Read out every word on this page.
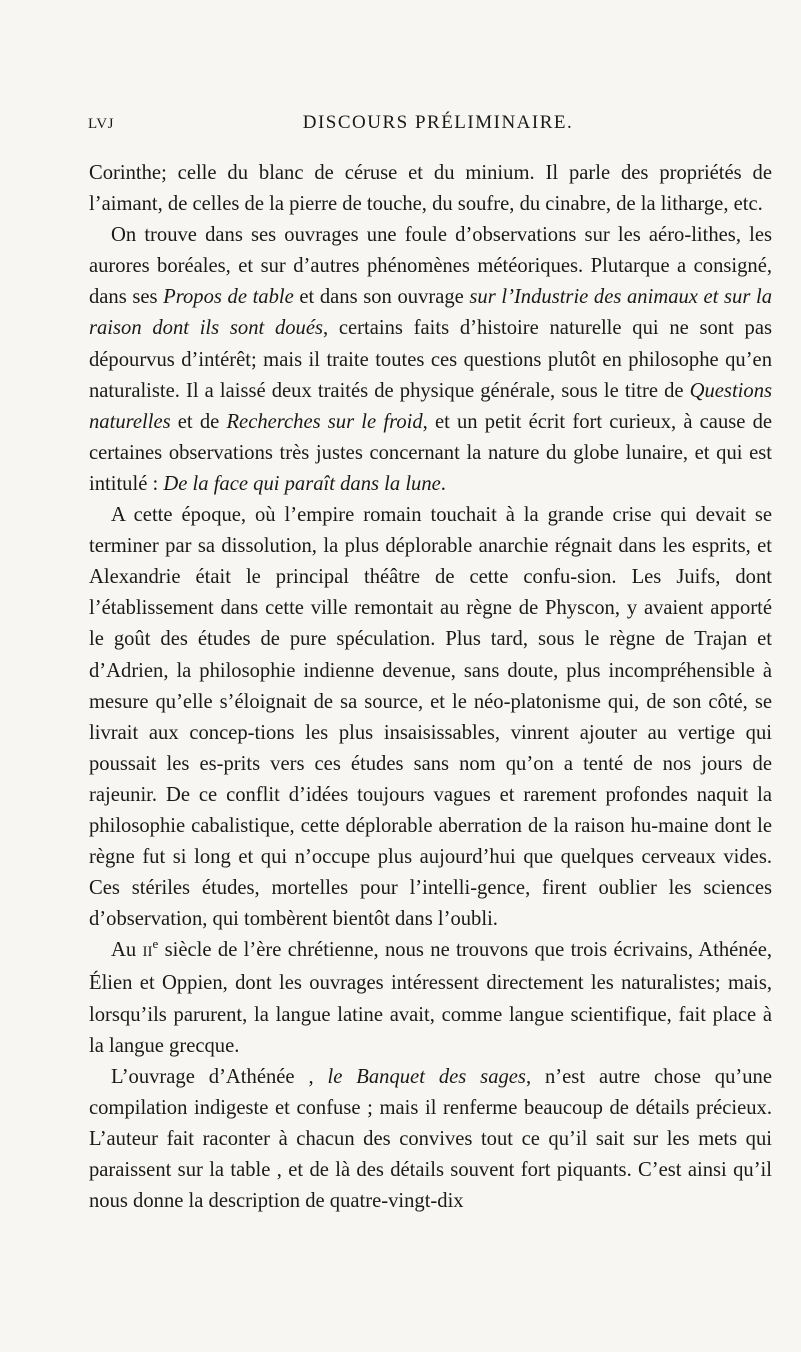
LVJ	DISCOURS PRÉLIMINAIRE.

Corinthe; celle du blanc de céruse et du minium. Il parle des propriétés de l’aimant, de celles de la pierre de touche, du soufre, du cinabre, de la litharge, etc.

On trouve dans ses ouvrages une foule d’observations sur les aéro-lithes, les aurores boréales, et sur d’autres phénomènes météoriques. Plutarque a consigné, dans ses Propos de table et dans son ouvrage sur l’Industrie des animaux et sur la raison dont ils sont doués, certains faits d’histoire naturelle qui ne sont pas dépourvus d’intérêt; mais il traite toutes ces questions plutôt en philosophe qu’en naturaliste. Il a laissé deux traités de physique générale, sous le titre de Questions naturelles et de Recherches sur le froid, et un petit écrit fort curieux, à cause de certaines observations très justes concernant la nature du globe lunaire, et qui est intitulé : De la face qui paraît dans la lune.

A cette époque, où l’empire romain touchait à la grande crise qui devait se terminer par sa dissolution, la plus déplorable anarchie régnait dans les esprits, et Alexandrie était le principal théâtre de cette confu-sion. Les Juifs, dont l’établissement dans cette ville remontait au règne de Physcon, y avaient apporté le goût des études de pure spéculation. Plus tard, sous le règne de Trajan et d’Adrien, la philosophie indienne devenue, sans doute, plus incompréhensible à mesure qu’elle s’éloignait de sa source, et le néo-platonisme qui, de son côté, se livrait aux concep-tions les plus insaisissables, vinrent ajouter au vertige qui poussait les es-prits vers ces études sans nom qu’on a tenté de nos jours de rajeunir. De ce conflit d’idées toujours vagues et rarement profondes naquit la philosophie cabalistique, cette déplorable aberration de la raison hu-maine dont le règne fut si long et qui n’occupe plus aujourd’hui que quelques cerveaux vides. Ces stériles études, mortelles pour l’intelli-gence, firent oublier les sciences d’observation, qui tombèrent bientôt dans l’oubli.

Au IIe siècle de l’ère chrétienne, nous ne trouvons que trois écrivains, Athénée, Élien et Oppien, dont les ouvrages intéressent directement les naturalistes; mais, lorsqu’ils parurent, la langue latine avait, comme langue scientifique, fait place à la langue grecque.

L’ouvrage d’Athénée , le Banquet des sages, n’est autre chose qu’une compilation indigeste et confuse ; mais il renferme beaucoup de détails précieux. L’auteur fait raconter à chacun des convives tout ce qu’il sait sur les mets qui paraissent sur la table , et de là des détails souvent fort piquants. C’est ainsi qu’il nous donne la description de quatre-vingt-dix
